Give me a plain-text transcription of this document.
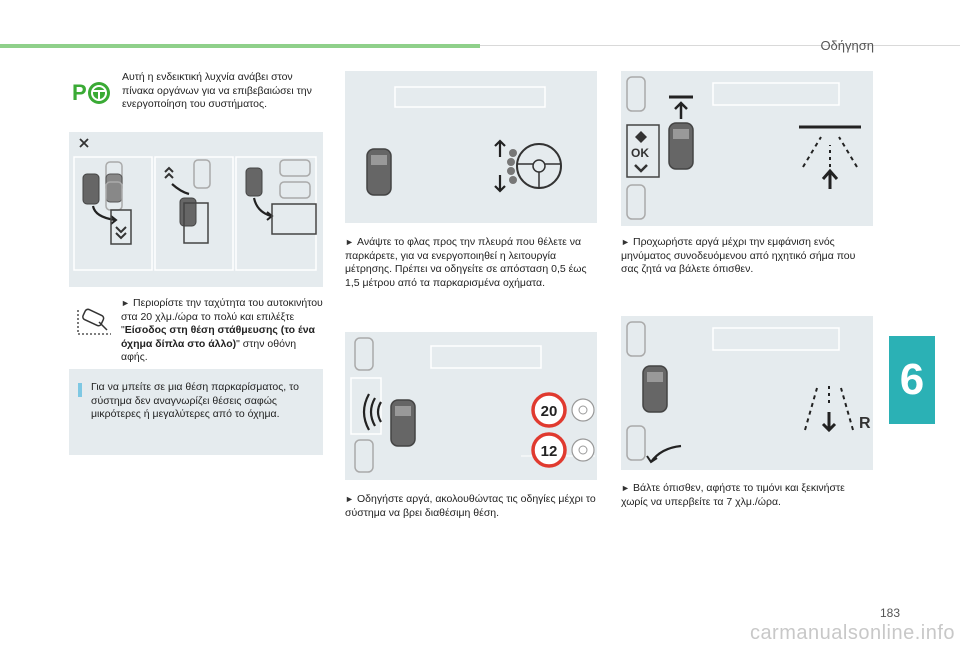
Οδήγηση
P
Αυτή η ενδεικτική λυχνία ανάβει στον πίνακα οργάνων για να επιβεβαιώσει την ενεργοποίηση του συστήματος.
► Περιορίστε την ταχύτητα του αυτοκινήτου στα 20 χλμ./ώρα το πολύ και επιλέξτε "Είσοδος στη θέση στάθμευσης (το ένα όχημα δίπλα στο άλλο)" στην οθόνη αφής.
Για να μπείτε σε μια θέση παρκαρίσματος, το σύστημα δεν αναγνωρίζει θέσεις σαφώς μικρότερες ή μεγαλύτερες από το όχημα.
► Ανάψτε το φλας προς την πλευρά που θέλετε να παρκάρετε, για να ενεργοποιηθεί η λειτουργία μέτρησης. Πρέπει να οδηγείτε σε απόσταση 0,5 έως 1,5 μέτρου από τα παρκαρισμένα οχήματα.
20
12
► Οδηγήστε αργά, ακολουθώντας τις οδηγίες μέχρι το σύστημα να βρει διαθέσιμη θέση.
OK
► Προχωρήστε αργά μέχρι την εμφάνιση ενός μηνύματος συνοδευόμενου από ηχητικό σήμα που σας ζητά να βάλετε όπισθεν.
R
► Βάλτε όπισθεν, αφήστε το τιμόνι και ξεκινήστε χωρίς να υπερβείτε τα 7 χλμ./ώρα.
6
183
carmanualsonline.info
